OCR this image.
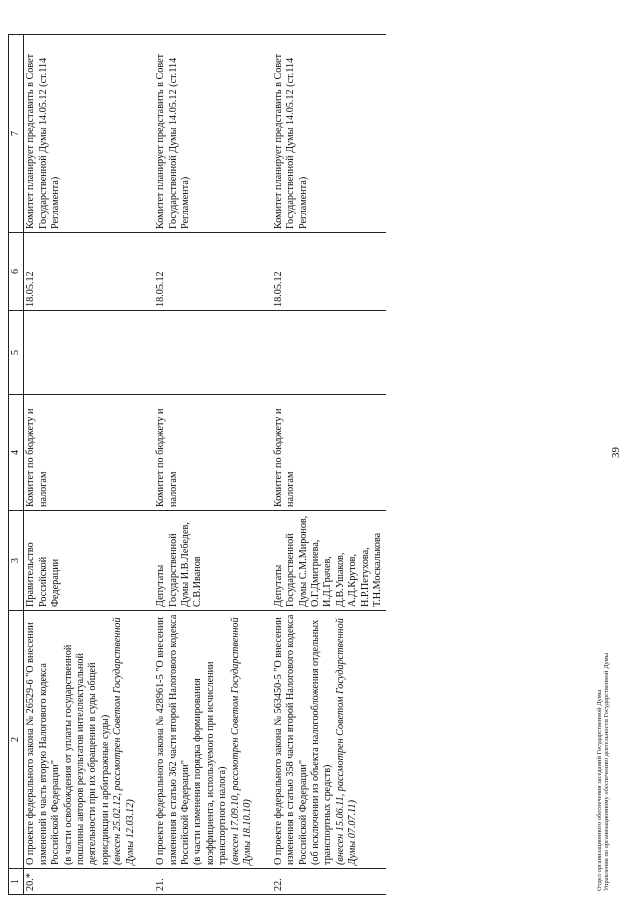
39
1	2	3	4	5	6	7
20.*	О проекте федерального закона № 26529-6 "О внесении изменений в часть вторую Налогового кодекса Российской Федерации" (в части освобождения от уплаты государственной пошлины авторов результатов интеллектуальной деятельности при их обращении в суды общей юрисдикции и арбитражные суды) (внесен 25.02.12, рассмотрен Советом Государственной Думы 12.03.12)	Правительство Российской Федерации	Комитет по бюджету и налогам		18.05.12	Комитет планирует представить в Совет Государственной Думы 14.05.12 (ст.114 Регламента)

21.	О проекте федерального закона № 428961-5 "О внесении изменения в статью 362 части второй Налогового кодекса Российской Федерации" (в части изменения порядка формирования коэффициента, используемого при исчислении транспортного налога) (внесен 17.09.10, рассмотрен Советом Государственной Думы 18.10.10)	Депутаты Государственной Думы И.В.Лебедев, С.В.Иванов	Комитет по бюджету и налогам		18.05.12	Комитет планирует представить в Совет Государственной Думы 14.05.12 (ст.114 Регламента)

22.	О проекте федерального закона № 563450-5 "О внесении изменения в статью 358 части второй Налогового кодекса Российской Федерации" (об исключении из объекта налогообложения отдельных транспортных средств) (внесен 15.06.11, рассмотрен Советом Государственной Думы 07.07.11)	Депутаты Государственной Думы С.М.Миронов, О.Г.Дмитриева, И.Д.Грачев, Д.В.Ушаков, А.Д.Крутов, Н.Р.Петухова, Т.Н.Москалькова	Комитет по бюджету и налогам		18.05.12	Комитет планирует представить в Совет Государственной Думы 14.05.12 (ст.114 Регламента)
Отдел организационного обеспечения заседаний Государственной Думы Управления по организационному обеспечению деятельности Государственной Думы
